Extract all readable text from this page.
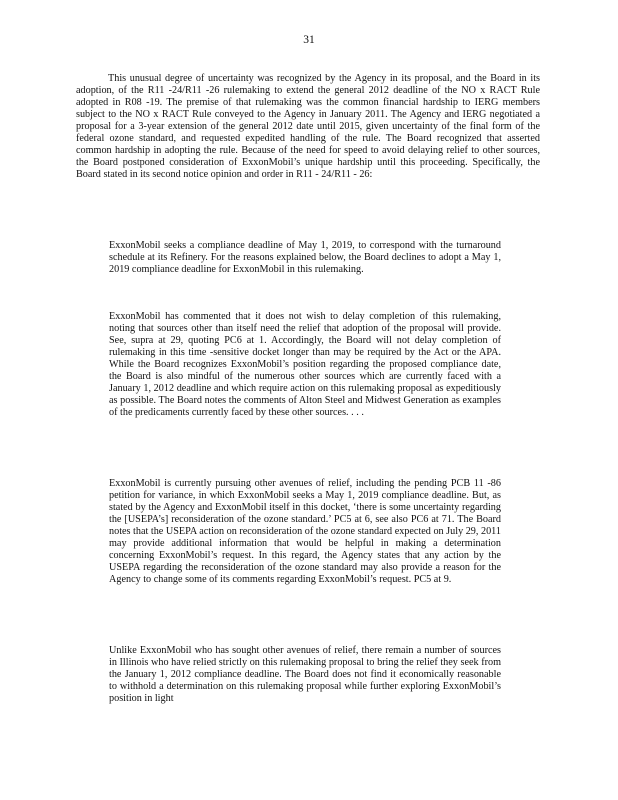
31

This unusual degree of uncertainty was recognized by the Agency in its proposal, and the Board in its adoption, of the R11 -24/R11 -26 rulemaking to extend the general 2012 deadline of the NO x RACT Rule adopted in R08 -19. The premise of that rulemaking was the common financial hardship to IERG members subject to the NO x RACT Rule conveyed to the Agency in January 2011. The Agency and IERG negotiated a proposal for a 3-year extension of the general 2012 date until 2015, given uncertainty of the final form of the federal ozone standard, and requested expedited handling of the rule. The Board recognized that asserted common hardship in adopting the rule. Because of the need for speed to avoid delaying relief to other sources, the Board postponed consideration of ExxonMobil’s unique hardship until this proceeding. Specifically, the Board stated in its second notice opinion and order in R11 - 24/R11 - 26:

ExxonMobil seeks a compliance deadline of May 1, 2019, to correspond with the turnaround schedule at its Refinery. For the reasons explained below, the Board declines to adopt a May 1, 2019 compliance deadline for ExxonMobil in this rulemaking.

ExxonMobil has commented that it does not wish to delay completion of this rulemaking, noting that sources other than itself need the relief that adoption of the proposal will provide. See, supra at 29, quoting PC6 at 1. Accordingly, the Board will not delay completion of rulemaking in this time -sensitive docket longer than may be required by the Act or the APA. While the Board recognizes ExxonMobil’s position regarding the proposed compliance date, the Board is also mindful of the numerous other sources which are currently faced with a January 1, 2012 deadline and which require action on this rulemaking proposal as expeditiously as possible. The Board notes the comments of Alton Steel and Midwest Generation as examples of the predicaments currently faced by these other sources. . . .

ExxonMobil is currently pursuing other avenues of relief, including the pending PCB 11 -86 petition for variance, in which ExxonMobil seeks a May 1, 2019 compliance deadline. But, as stated by the Agency and ExxonMobil itself in this docket, ‘there is some uncertainty regarding the [USEPA’s] reconsideration of the ozone standard.’ PC5 at 6, see also PC6 at 71. The Board notes that the USEPA action on reconsideration of the ozone standard expected on July 29, 2011 may provide additional information that would be helpful in making a determination concerning ExxonMobil’s request. In this regard, the Agency states that any action by the USEPA regarding the reconsideration of the ozone standard may also provide a reason for the Agency to change some of its comments regarding ExxonMobil’s request. PC5 at 9.

Unlike ExxonMobil who has sought other avenues of relief, there remain a number of sources in Illinois who have relied strictly on this rulemaking proposal to bring the relief they seek from the January 1, 2012 compliance deadline. The Board does not find it economically reasonable to withhold a determination on this rulemaking proposal while further exploring ExxonMobil’s position in light
